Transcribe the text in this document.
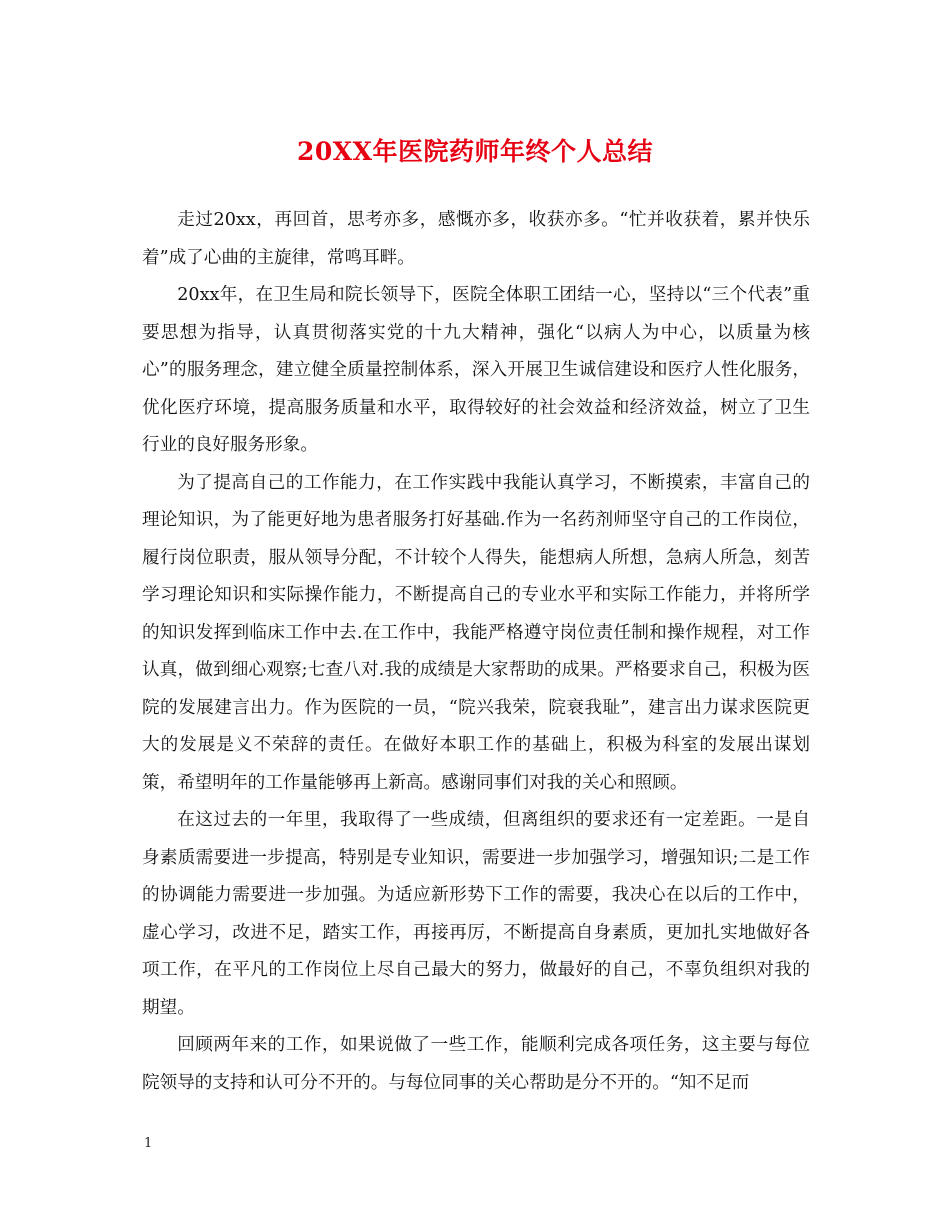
20XX年医院药师年终个人总结

走过20xx，再回首，思考亦多，感慨亦多，收获亦多。“忙并收获着，累并快乐着”成了心曲的主旋律，常鸣耳畔。

20xx年，在卫生局和院长领导下，医院全体职工团结一心，坚持以“三个代表”重要思想为指导，认真贯彻落实党的十九大精神，强化“以病人为中心，以质量为核心”的服务理念，建立健全质量控制体系，深入开展卫生诚信建设和医疗人性化服务，优化医疗环境，提高服务质量和水平，取得较好的社会效益和经济效益，树立了卫生行业的良好服务形象。

为了提高自己的工作能力，在工作实践中我能认真学习，不断摸索，丰富自己的理论知识，为了能更好地为患者服务打好基础.作为一名药剂师坚守自己的工作岗位，履行岗位职责，服从领导分配，不计较个人得失，能想病人所想，急病人所急，刻苦学习理论知识和实际操作能力，不断提高自己的专业水平和实际工作能力，并将所学的知识发挥到临床工作中去.在工作中，我能严格遵守岗位责任制和操作规程，对工作认真，做到细心观察;七查八对.我的成绩是大家帮助的成果。严格要求自己，积极为医院的发展建言出力。作为医院的一员，“院兴我荣，院衰我耻”，建言出力谋求医院更大的发展是义不荣辞的责任。在做好本职工作的基础上，积极为科室的发展出谋划策，希望明年的工作量能够再上新高。感谢同事们对我的关心和照顾。

在这过去的一年里，我取得了一些成绩，但离组织的要求还有一定差距。一是自身素质需要进一步提高，特别是专业知识，需要进一步加强学习，增强知识;二是工作的协调能力需要进一步加强。为适应新形势下工作的需要，我决心在以后的工作中，虚心学习，改进不足，踏实工作，再接再厉，不断提高自身素质，更加扎实地做好各项工作，在平凡的工作岗位上尽自己最大的努力，做最好的自己，不辜负组织对我的期望。

回顾两年来的工作，如果说做了一些工作，能顺利完成各项任务，这主要与每位院领导的支持和认可分不开的。与每位同事的关心帮助是分不开的。“知不足而

1
